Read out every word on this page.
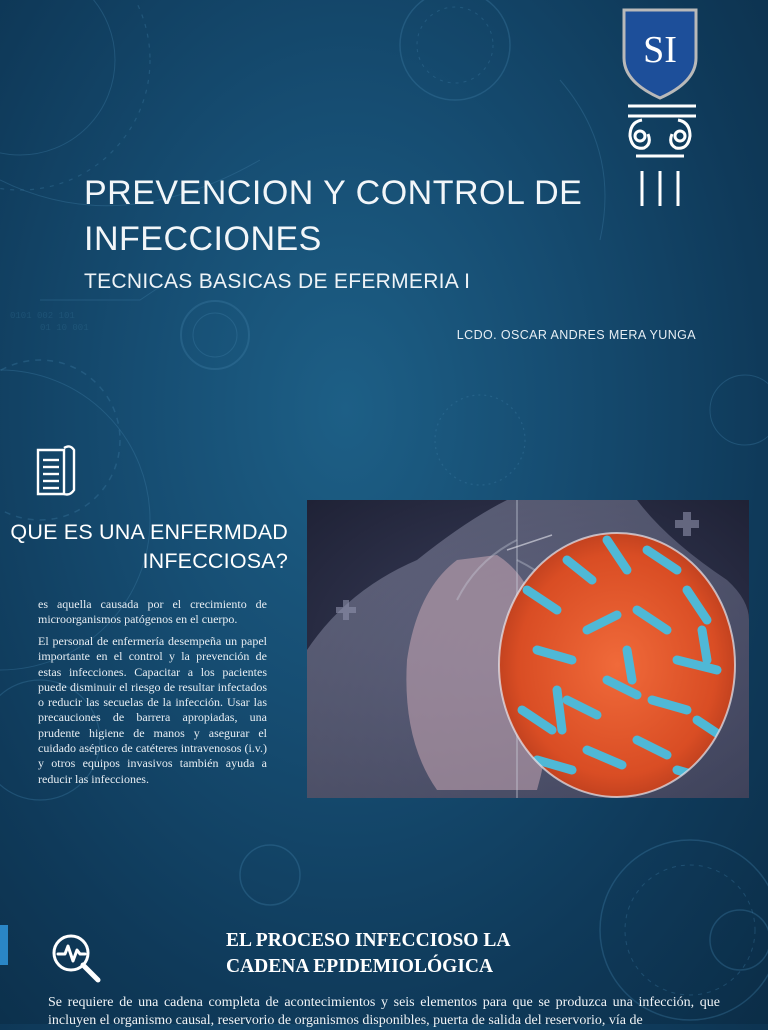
0101 002 101
01 10 001
SI
PREVENCION Y CONTROL DE INFECCIONES
TECNICAS BASICAS DE EFERMERIA I
LCDO. OSCAR ANDRES MERA YUNGA
QUE ES UNA ENFERMDAD INFECCIOSA?

es aquella causada por el crecimiento de microorganismos patógenos en el cuerpo.

El personal de enfermería desempeña un papel importante en el control y la prevención de estas infecciones. Capacitar a los pacientes puede disminuir el riesgo de resultar infectados o reducir las secuelas de la infección. Usar las precauciones de barrera apropiadas, una prudente higiene de manos y asegurar el cuidado aséptico de catéteres intravenosos (i.v.) y otros equipos invasivos también ayuda a reducir las infecciones.

EL PROCESO INFECCIOSO LA CADENA EPIDEMIOLÓGICA

Se requiere de una cadena completa de acontecimientos y seis elementos para que se produzca una infección, que incluyen el organismo causal, reservorio de organismos disponibles, puerta de salida del reservorio, vía de
